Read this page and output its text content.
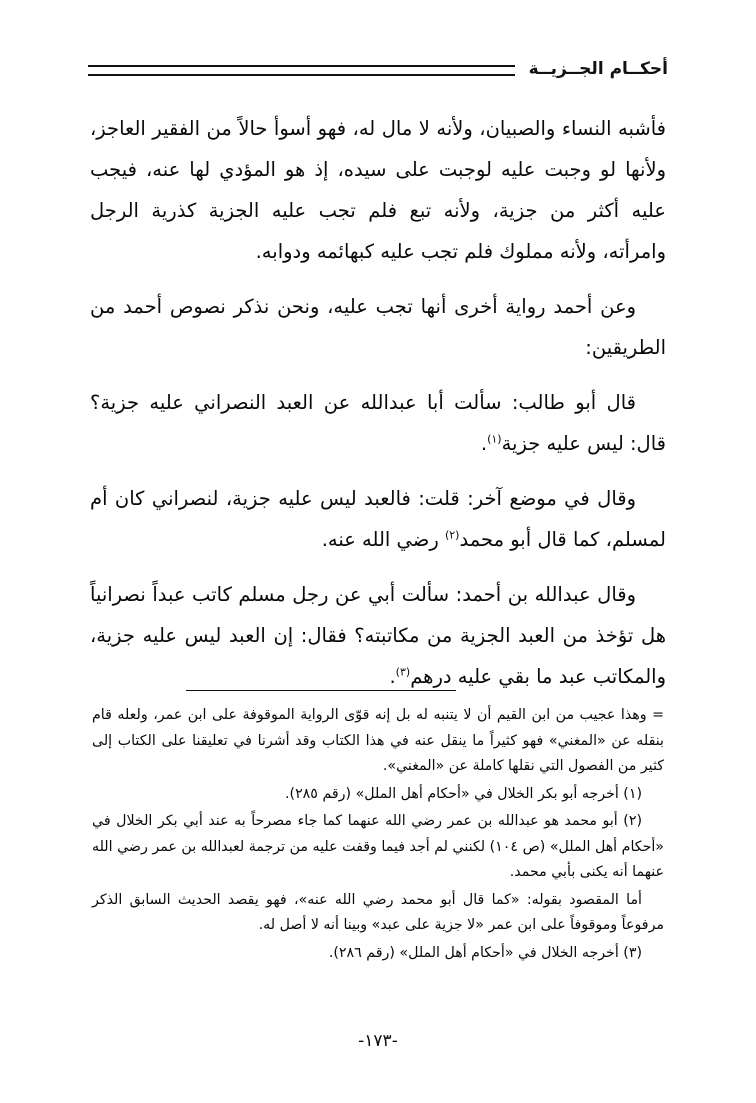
أحكــام الجــزيــة

فأشبه النساء والصبيان، ولأنه لا مال له، فهو أسوأ حالاً من الفقير العاجز، ولأنها لو وجبت عليه لوجبت على سيده، إذ هو المؤدي لها عنه، فيجب عليه أكثر من جزية، ولأنه تبع فلم تجب عليه الجزية كذرية الرجل وامرأته، ولأنه مملوك فلم تجب عليه كبهائمه ودوابه.

وعن أحمد رواية أخرى أنها تجب عليه، ونحن نذكر نصوص أحمد من الطريقين:

قال أبو طالب: سألت أبا عبدالله عن العبد النصراني عليه جزية؟ قال: ليس عليه جزية$^{(١)}$.

وقال في موضع آخر: قلت: فالعبد ليس عليه جزية، لنصراني كان أم لمسلم، كما قال أبو محمد$^{(٢)}$ رضي الله عنه.

وقال عبدالله بن أحمد: سألت أبي عن رجل مسلم كاتب عبداً نصرانياً هل تؤخذ من العبد الجزية من مكاتبته؟ فقال: إن العبد ليس عليه جزية، والمكاتب عبد ما بقي عليه درهم$^{(٣)}$.

= وهذا عجيب من ابن القيم أن لا يتنبه له بل إنه قوّى الرواية الموقوفة على ابن عمر، ولعله قام بنقله عن «المغني» فهو كثيراً ما ينقل عنه في هذا الكتاب وقد أشرنا في تعليقنا على الكتاب إلى كثير من الفصول التي نقلها كاملة عن «المغني».

(١) أخرجه أبو بكر الخلال في «أحكام أهل الملل» (رقم ٢٨٥).

(٢) أبو محمد هو عبدالله بن عمر رضي الله عنهما كما جاء مصرحاً به عند أبي بكر الخلال في «أحكام أهل الملل» (ص ١٠٤) لكنني لم أجد فيما وقفت عليه من ترجمة لعبدالله بن عمر رضي الله عنهما أنه يكنى بأبي محمد.

أما المقصود بقوله: «كما قال أبو محمد رضي الله عنه»، فهو يقصد الحديث السابق الذكر مرفوعاً وموقوفاً على ابن عمر «لا جزية على عبد» وبينا أنه لا أصل له.

(٣) أخرجه الخلال في «أحكام أهل الملل» (رقم ٢٨٦).

-١٧٣-
